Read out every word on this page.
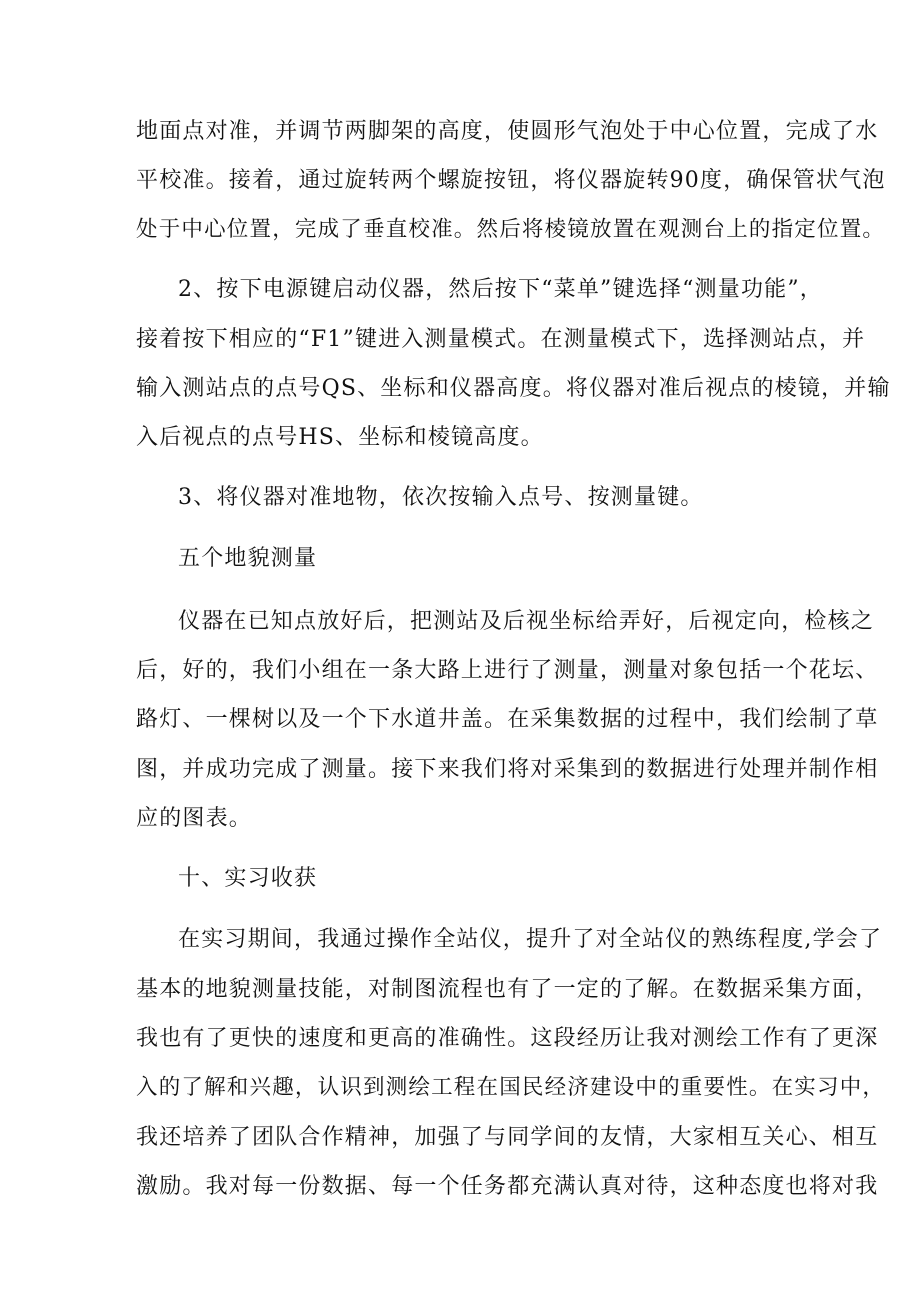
地面点对准，并调节两脚架的高度，使圆形气泡处于中心位置，完成了水
平校准。接着，通过旋转两个螺旋按钮，将仪器旋转90度，确保管状气泡
处于中心位置，完成了垂直校准。然后将棱镜放置在观测台上的指定位置。
2、按下电源键启动仪器，然后按下“菜单”键选择“测量功能”，
接着按下相应的“F1”键进入测量模式。在测量模式下，选择测站点，并
输入测站点的点号QS、坐标和仪器高度。将仪器对准后视点的棱镜，并输
入后视点的点号HS、坐标和棱镜高度。
3、将仪器对准地物，依次按输入点号、按测量键。
五个地貌测量
仪器在已知点放好后，把测站及后视坐标给弄好，后视定向，检核之
后，好的，我们小组在一条大路上进行了测量，测量对象包括一个花坛、
路灯、一棵树以及一个下水道井盖。在采集数据的过程中，我们绘制了草
图，并成功完成了测量。接下来我们将对采集到的数据进行处理并制作相
应的图表。
十、实习收获
在实习期间，我通过操作全站仪，提升了对全站仪的熟练程度,学会了
基本的地貌测量技能，对制图流程也有了一定的了解。在数据采集方面，
我也有了更快的速度和更高的准确性。这段经历让我对测绘工作有了更深
入的了解和兴趣，认识到测绘工程在国民经济建设中的重要性。在实习中，
我还培养了团队合作精神，加强了与同学间的友情，大家相互关心、相互
激励。我对每一份数据、每一个任务都充满认真对待，这种态度也将对我
